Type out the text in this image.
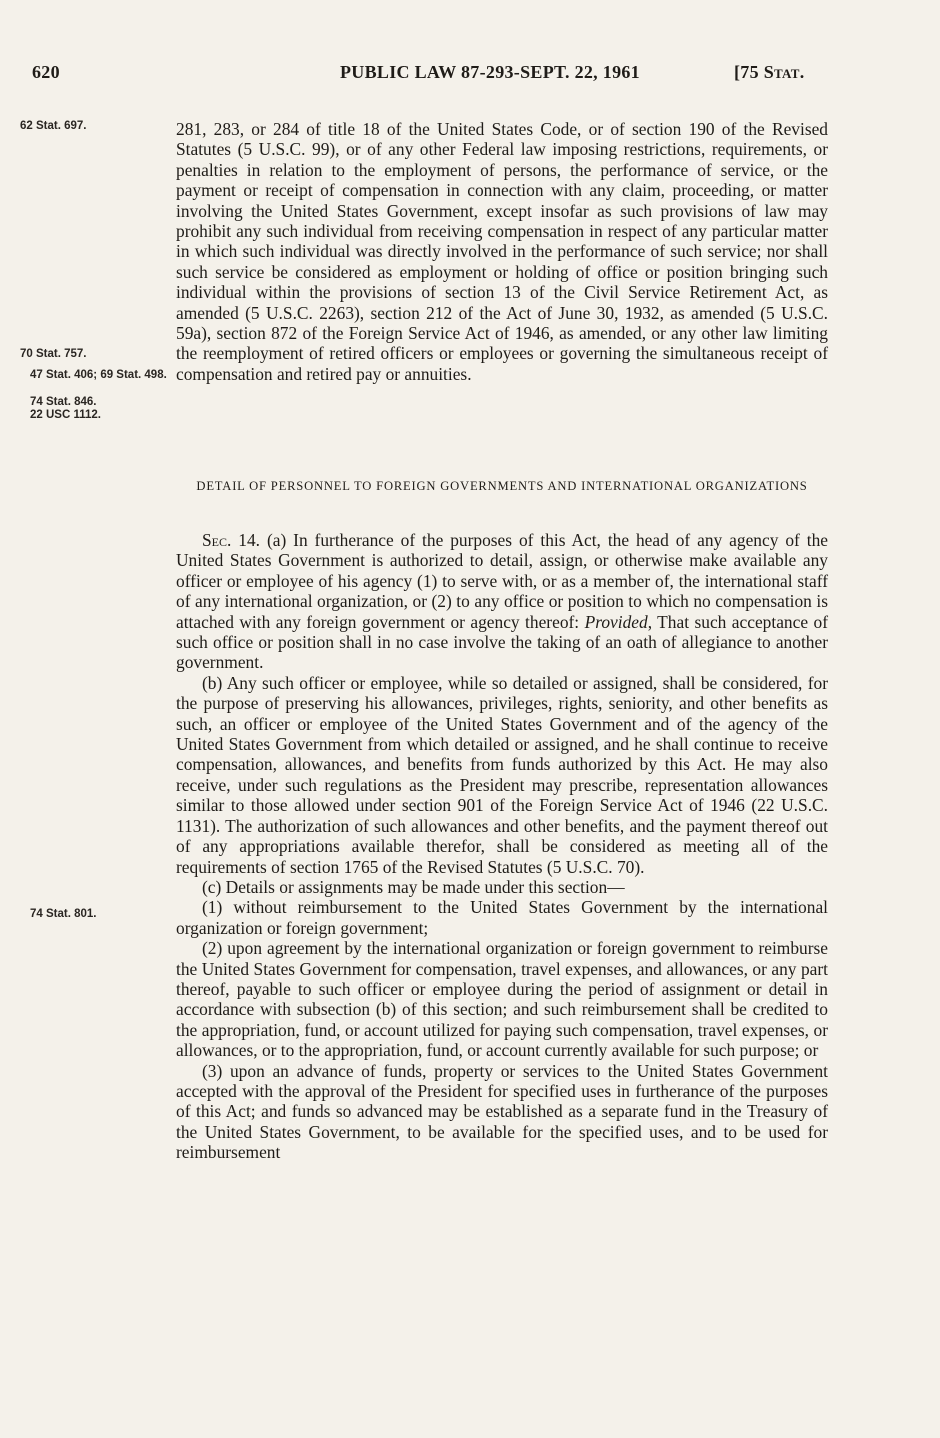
620	PUBLIC LAW 87-293-SEPT. 22, 1961	[75 Stat.
62 Stat. 697.
70 Stat. 757.
47 Stat. 406; 69 Stat. 498.
74 Stat. 846.
22 USC 1112.
74 Stat. 801.

281, 283, or 284 of title 18 of the United States Code, or of section 190 of the Revised Statutes (5 U.S.C. 99), or of any other Federal law imposing restrictions, requirements, or penalties in relation to the employment of persons, the performance of service, or the payment or receipt of compensation in connection with any claim, proceeding, or matter involving the United States Government, except insofar as such provisions of law may prohibit any such individual from receiving compensation in respect of any particular matter in which such individual was directly involved in the performance of such service; nor shall such service be considered as employment or holding of office or position bringing such individual within the provisions of section 13 of the Civil Service Retirement Act, as amended (5 U.S.C. 2263), section 212 of the Act of June 30, 1932, as amended (5 U.S.C. 59a), section 872 of the Foreign Service Act of 1946, as amended, or any other law limiting the reemployment of retired officers or employees or governing the simultaneous receipt of compensation and retired pay or annuities.

DETAIL OF PERSONNEL TO FOREIGN GOVERNMENTS AND INTERNATIONAL ORGANIZATIONS

Sec. 14. (a) In furtherance of the purposes of this Act, the head of any agency of the United States Government is authorized to detail, assign, or otherwise make available any officer or employee of his agency (1) to serve with, or as a member of, the international staff of any international organization, or (2) to any office or position to which no compensation is attached with any foreign government or agency thereof: Provided, That such acceptance of such office or position shall in no case involve the taking of an oath of allegiance to another government.

(b) Any such officer or employee, while so detailed or assigned, shall be considered, for the purpose of preserving his allowances, privileges, rights, seniority, and other benefits as such, an officer or employee of the United States Government and of the agency of the United States Government from which detailed or assigned, and he shall continue to receive compensation, allowances, and benefits from funds authorized by this Act. He may also receive, under such regulations as the President may prescribe, representation allowances similar to those allowed under section 901 of the Foreign Service Act of 1946 (22 U.S.C. 1131). The authorization of such allowances and other benefits, and the payment thereof out of any appropriations available therefor, shall be considered as meeting all of the requirements of section 1765 of the Revised Statutes (5 U.S.C. 70).

(c) Details or assignments may be made under this section—

(1) without reimbursement to the United States Government by the international organization or foreign government;

(2) upon agreement by the international organization or foreign government to reimburse the United States Government for compensation, travel expenses, and allowances, or any part thereof, payable to such officer or employee during the period of assignment or detail in accordance with subsection (b) of this section; and such reimbursement shall be credited to the appropriation, fund, or account utilized for paying such compensation, travel expenses, or allowances, or to the appropriation, fund, or account currently available for such purpose; or

(3) upon an advance of funds, property or services to the United States Government accepted with the approval of the President for specified uses in furtherance of the purposes of this Act; and funds so advanced may be established as a separate fund in the Treasury of the United States Government, to be available for the specified uses, and to be used for reimbursement
